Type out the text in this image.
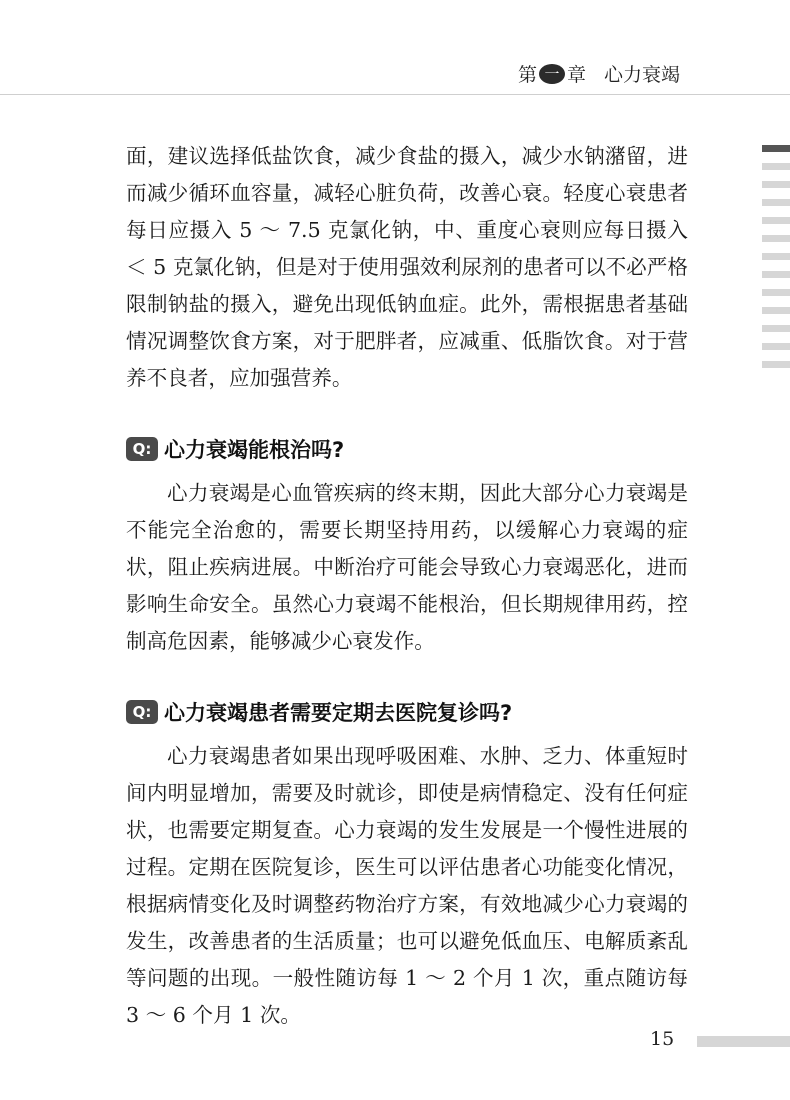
第 一 章 心力衰竭

面，建议选择低盐饮食，减少食盐的摄入，减少水钠潴留，进而减少循环血容量，减轻心脏负荷，改善心衰。轻度心衰患者每日应摄入 5 ～ 7.5 克氯化钠，中、重度心衰则应每日摄入＜ 5 克氯化钠，但是对于使用强效利尿剂的患者可以不必严格限制钠盐的摄入，避免出现低钠血症。此外，需根据患者基础情况调整饮食方案，对于肥胖者，应减重、低脂饮食。对于营养不良者，应加强营养。

Q: 心力衰竭能根治吗?

心力衰竭是心血管疾病的终末期，因此大部分心力衰竭是不能完全治愈的，需要长期坚持用药，以缓解心力衰竭的症状，阻止疾病进展。中断治疗可能会导致心力衰竭恶化，进而影响生命安全。虽然心力衰竭不能根治，但长期规律用药，控制高危因素，能够减少心衰发作。

Q: 心力衰竭患者需要定期去医院复诊吗?

心力衰竭患者如果出现呼吸困难、水肿、乏力、体重短时间内明显增加，需要及时就诊，即使是病情稳定、没有任何症状，也需要定期复查。心力衰竭的发生发展是一个慢性进展的过程。定期在医院复诊，医生可以评估患者心功能变化情况，根据病情变化及时调整药物治疗方案，有效地减少心力衰竭的发生，改善患者的生活质量；也可以避免低血压、电解质紊乱等问题的出现。一般性随访每 1 ～ 2 个月 1 次，重点随访每 3 ～ 6 个月 1 次。

15
